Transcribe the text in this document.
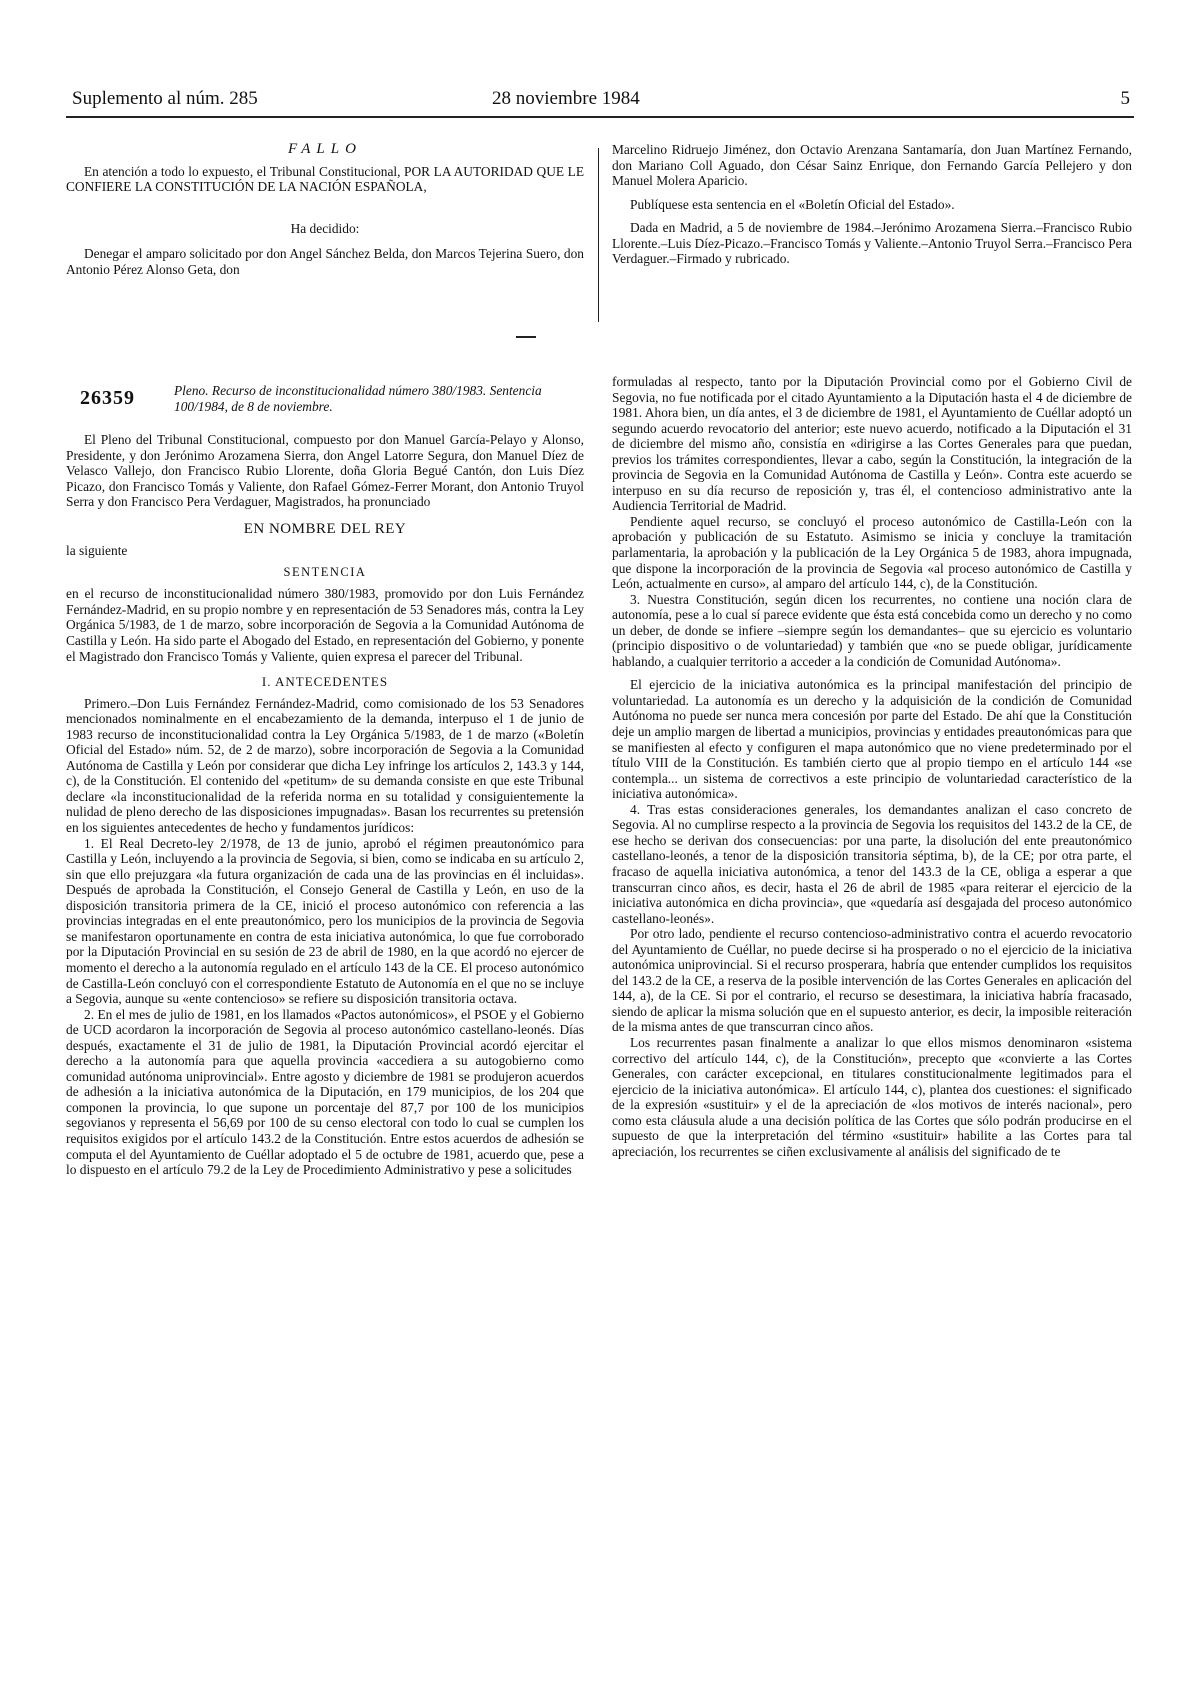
Suplemento al núm. 285	28 noviembre 1984	5

FALLO

En atención a todo lo expuesto, el Tribunal Constitucional, POR LA AUTORIDAD QUE LE CONFIERE LA CONSTITUCIÓN DE LA NACIÓN ESPAÑOLA,

Ha decidido:

Denegar el amparo solicitado por don Angel Sánchez Belda, don Marcos Tejerina Suero, don Antonio Pérez Alonso Geta, don

Marcelino Ridruejo Jiménez, don Octavio Arenzana Santamaría, don Juan Martínez Fernando, don Mariano Coll Aguado, don César Sainz Enrique, don Fernando García Pellejero y don Manuel Molera Aparicio.

Publíquese esta sentencia en el «Boletín Oficial del Estado».

Dada en Madrid, a 5 de noviembre de 1984.–Jerónimo Arozamena Sierra.–Francisco Rubio Llorente.–Luis Díez-Picazo.–Francisco Tomás y Valiente.–Antonio Truyol Serra.–Francisco Pera Verdaguer.–Firmado y rubricado.

26359	Pleno. Recurso de inconstitucionalidad número 380/1983. Sentencia 100/1984, de 8 de noviembre.

El Pleno del Tribunal Constitucional, compuesto por don Manuel García-Pelayo y Alonso, Presidente, y don Jerónimo Arozamena Sierra, don Angel Latorre Segura, don Manuel Díez de Velasco Vallejo, don Francisco Rubio Llorente, doña Gloria Begué Cantón, don Luis Díez Picazo, don Francisco Tomás y Valiente, don Rafael Gómez-Ferrer Morant, don Antonio Truyol Serra y don Francisco Pera Verdaguer, Magistrados, ha pronunciado

EN NOMBRE DEL REY

la siguiente

SENTENCIA

en el recurso de inconstitucionalidad número 380/1983, promovido por don Luis Fernández Fernández-Madrid, en su propio nombre y en representación de 53 Senadores más, contra la Ley Orgánica 5/1983, de 1 de marzo, sobre incorporación de Segovia a la Comunidad Autónoma de Castilla y León. Ha sido parte el Abogado del Estado, en representación del Gobierno, y ponente el Magistrado don Francisco Tomás y Valiente, quien expresa el parecer del Tribunal.

I. ANTECEDENTES

Primero.–Don Luis Fernández Fernández-Madrid, como comisionado de los 53 Senadores mencionados nominalmente en el encabezamiento de la demanda, interpuso el 1 de junio de 1983 recurso de inconstitucionalidad contra la Ley Orgánica 5/1983, de 1 de marzo («Boletín Oficial del Estado» núm. 52, de 2 de marzo), sobre incorporación de Segovia a la Comunidad Autónoma de Castilla y León por considerar que dicha Ley infringe los artículos 2, 143.3 y 144, c), de la Constitución. El contenido del «petitum» de su demanda consiste en que este Tribunal declare «la inconstitucionalidad de la referida norma en su totalidad y consiguientemente la nulidad de pleno derecho de las disposiciones impugnadas». Basan los recurrentes su pretensión en los siguientes antecedentes de hecho y fundamentos jurídicos:

1. El Real Decreto-ley 2/1978, de 13 de junio, aprobó el régimen preautonómico para Castilla y León, incluyendo a la provincia de Segovia, si bien, como se indicaba en su artículo 2, sin que ello prejuzgara «la futura organización de cada una de las provincias en él incluidas». Después de aprobada la Constitución, el Consejo General de Castilla y León, en uso de la disposición transitoria primera de la CE, inició el proceso autonómico con referencia a las provincias integradas en el ente preautonómico, pero los municipios de la provincia de Segovia se manifestaron oportunamente en contra de esta iniciativa autonómica, lo que fue corroborado por la Diputación Provincial en su sesión de 23 de abril de 1980, en la que acordó no ejercer de momento el derecho a la autonomía regulado en el artículo 143 de la CE. El proceso autonómico de Castilla-León concluyó con el correspondiente Estatuto de Autonomía en el que no se incluye a Segovia, aunque su «ente contencioso» se refiere su disposición transitoria octava.

2. En el mes de julio de 1981, en los llamados «Pactos autonómicos», el PSOE y el Gobierno de UCD acordaron la incorporación de Segovia al proceso autonómico castellano-leonés. Días después, exactamente el 31 de julio de 1981, la Diputación Provincial acordó ejercitar el derecho a la autonomía para que aquella provincia «accediera a su autogobierno como comunidad autónoma uniprovincial». Entre agosto y diciembre de 1981 se produjeron acuerdos de adhesión a la iniciativa autonómica de la Diputación, en 179 municipios, de los 204 que componen la provincia, lo que supone un porcentaje del 87,7 por 100 de los municipios segovianos y representa el 56,69 por 100 de su censo electoral con todo lo cual se cumplen los requisitos exigidos por el artículo 143.2 de la Constitución. Entre estos acuerdos de adhesión se computa el del Ayuntamiento de Cuéllar adoptado el 5 de octubre de 1981, acuerdo que, pese a lo dispuesto en el artículo 79.2 de la Ley de Procedimiento Administrativo y pese a solicitudes

formuladas al respecto, tanto por la Diputación Provincial como por el Gobierno Civil de Segovia, no fue notificada por el citado Ayuntamiento a la Diputación hasta el 4 de diciembre de 1981. Ahora bien, un día antes, el 3 de diciembre de 1981, el Ayuntamiento de Cuéllar adoptó un segundo acuerdo revocatorio del anterior; este nuevo acuerdo, notificado a la Diputación el 31 de diciembre del mismo año, consistía en «dirigirse a las Cortes Generales para que puedan, previos los trámites correspondientes, llevar a cabo, según la Constitución, la integración de la provincia de Segovia en la Comunidad Autónoma de Castilla y León». Contra este acuerdo se interpuso en su día recurso de reposición y, tras él, el contencioso administrativo ante la Audiencia Territorial de Madrid.

Pendiente aquel recurso, se concluyó el proceso autonómico de Castilla-León con la aprobación y publicación de su Estatuto. Asimismo se inicia y concluye la tramitación parlamentaria, la aprobación y la publicación de la Ley Orgánica 5 de 1983, ahora impugnada, que dispone la incorporación de la provincia de Segovia «al proceso autonómico de Castilla y León, actualmente en curso», al amparo del artículo 144, c), de la Constitución.

3. Nuestra Constitución, según dicen los recurrentes, no contiene una noción clara de autonomía, pese a lo cual sí parece evidente que ésta está concebida como un derecho y no como un deber, de donde se infiere –siempre según los demandantes– que su ejercicio es voluntario (principio dispositivo o de voluntariedad) y también que «no se puede obligar, jurídicamente hablando, a cualquier territorio a acceder a la condición de Comunidad Autónoma».

El ejercicio de la iniciativa autonómica es la principal manifestación del principio de voluntariedad. La autonomía es un derecho y la adquisición de la condición de Comunidad Autónoma no puede ser nunca mera concesión por parte del Estado. De ahí que la Constitución deje un amplio margen de libertad a municipios, provincias y entidades preautonómicas para que se manifiesten al efecto y configuren el mapa autonómico que no viene predeterminado por el título VIII de la Constitución. Es también cierto que al propio tiempo en el artículo 144 «se contempla... un sistema de correctivos a este principio de voluntariedad característico de la iniciativa autonómica».

4. Tras estas consideraciones generales, los demandantes analizan el caso concreto de Segovia. Al no cumplirse respecto a la provincia de Segovia los requisitos del 143.2 de la CE, de ese hecho se derivan dos consecuencias: por una parte, la disolución del ente preautonómico castellano-leonés, a tenor de la disposición transitoria séptima, b), de la CE; por otra parte, el fracaso de aquella iniciativa autonómica, a tenor del 143.3 de la CE, obliga a esperar a que transcurran cinco años, es decir, hasta el 26 de abril de 1985 «para reiterar el ejercicio de la iniciativa autonómica en dicha provincia», que «quedaría así desgajada del proceso autonómico castellano-leonés».

Por otro lado, pendiente el recurso contencioso-administrativo contra el acuerdo revocatorio del Ayuntamiento de Cuéllar, no puede decirse si ha prosperado o no el ejercicio de la iniciativa autonómica uniprovincial. Si el recurso prosperara, habría que entender cumplidos los requisitos del 143.2 de la CE, a reserva de la posible intervención de las Cortes Generales en aplicación del 144, a), de la CE. Si por el contrario, el recurso se desestimara, la iniciativa habría fracasado, siendo de aplicar la misma solución que en el supuesto anterior, es decir, la imposible reiteración de la misma antes de que transcurran cinco años.

Los recurrentes pasan finalmente a analizar lo que ellos mismos denominaron «sistema correctivo del artículo 144, c), de la Constitución», precepto que «convierte a las Cortes Generales, con carácter excepcional, en titulares constitucionalmente legitimados para el ejercicio de la iniciativa autonómica». El artículo 144, c), plantea dos cuestiones: el significado de la expresión «sustituir» y el de la apreciación de «los motivos de interés nacional», pero como esta cláusula alude a una decisión política de las Cortes que sólo podrán producirse en el supuesto de que la interpretación del término «sustituir» habilite a las Cortes para tal apreciación, los recurrentes se ciñen exclusivamente al análisis del significado de te
